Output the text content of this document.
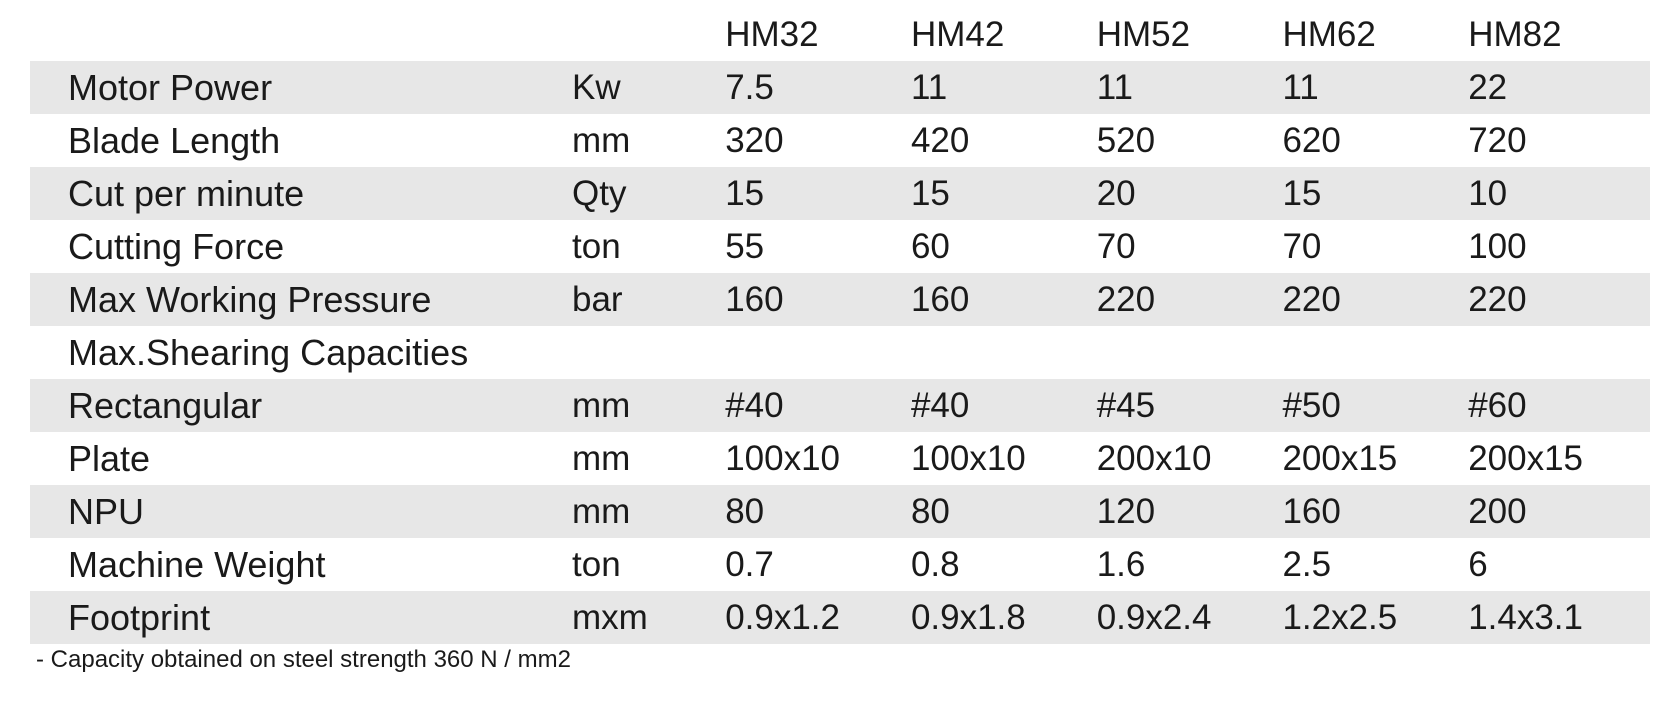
		HM32	HM42	HM52	HM62	HM82
Motor Power	Kw	7.5	11	11	11	22
Blade Length	mm	320	420	520	620	720
Cut per minute	Qty	15	15	20	15	10
Cutting Force	ton	55	60	70	70	100
Max Working Pressure	bar	160	160	220	220	220
Max.Shearing Capacities						
Rectangular	mm	#40	#40	#45	#50	#60
Plate	mm	100x10	100x10	200x10	200x15	200x15
NPU	mm	80	80	120	160	200
Machine Weight	ton	0.7	0.8	1.6	2.5	6
Footprint	mxm	0.9x1.2	0.9x1.8	0.9x2.4	1.2x2.5	1.4x3.1
- Capacity obtained on steel strength 360 N / mm2
